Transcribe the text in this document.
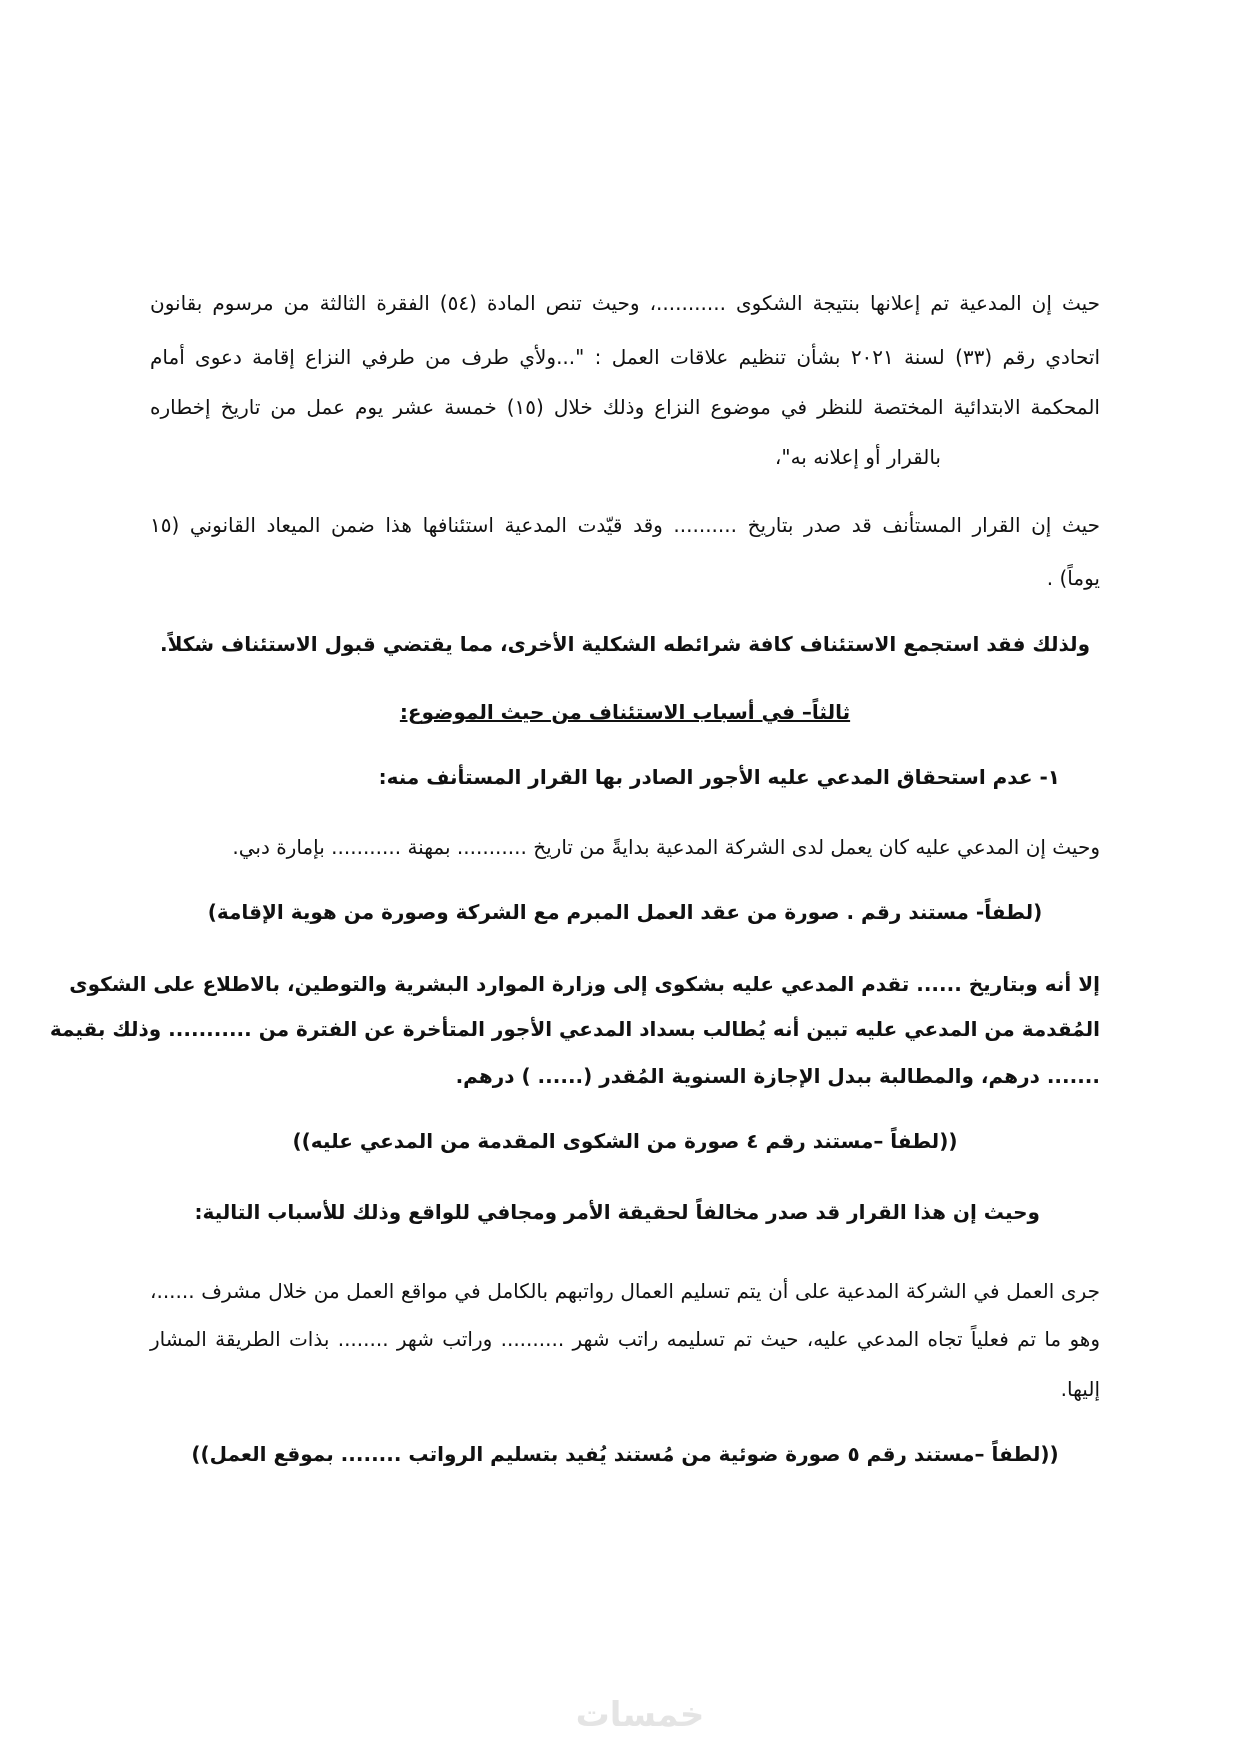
حيث إن المدعية تم إعلانها بنتيجة الشكوى ...........، وحيث تنص المادة (٥٤) الفقرة الثالثة من مرسوم بقانون
اتحادي رقم (٣٣) لسنة ٢٠٢١ بشأن تنظيم علاقات العمل : "...ولأي طرف من طرفي النزاع إقامة دعوى أمام
المحكمة الابتدائية المختصة للنظر في موضوع النزاع وذلك خلال (١٥) خمسة عشر يوم عمل من تاريخ إخطاره
بالقرار أو إعلانه به"،
حيث إن القرار المستأنف قد صدر بتاريخ .......... وقد قيّدت المدعية استئنافها هذا ضمن الميعاد القانوني (١٥
يوماً) .
ولذلك فقد استجمع الاستئناف كافة شرائطه الشكلية الأخرى، مما يقتضي قبول الاستئناف شكلاً.
ثالثاً– في أسباب الاستئناف من حيث الموضوع:
١- عدم استحقاق المدعي عليه الأجور الصادر بها القرار المستأنف منه:
وحيث إن المدعي عليه كان يعمل لدى الشركة المدعية بدايةً من تاريخ ........... بمهنة ........... بإمارة دبي.
(لطفاً- مستند رقم . صورة من عقد العمل المبرم مع الشركة وصورة من هوية الإقامة)
إلا أنه وبتاريخ ...... تقدم المدعي عليه بشكوى إلى وزارة الموارد البشرية والتوطين، بالاطلاع على الشكوى
المُقدمة من المدعي عليه تبين أنه يُطالب بسداد المدعي الأجور المتأخرة عن الفترة من ........... وذلك بقيمة
....... درهم، والمطالبة ببدل الإجازة السنوية المُقدر (...... ) درهم.
((لطفاً –مستند رقم ٤ صورة من الشكوى المقدمة من المدعي عليه))
وحيث إن هذا القرار قد صدر مخالفاً لحقيقة الأمر ومجافي للواقع وذلك للأسباب التالية:
جرى العمل في الشركة المدعية على أن يتم تسليم العمال رواتبهم بالكامل في مواقع العمل من خلال مشرف ......،
وهو ما تم فعلياً تجاه المدعي عليه، حيث تم تسليمه راتب شهر .......... وراتب شهر ........ بذات الطريقة المشار
إليها.
((لطفاً –مستند رقم ٥ صورة ضوئية من مُستند يُفيد بتسليم الرواتب ........ بموقع العمل))
خمسات
